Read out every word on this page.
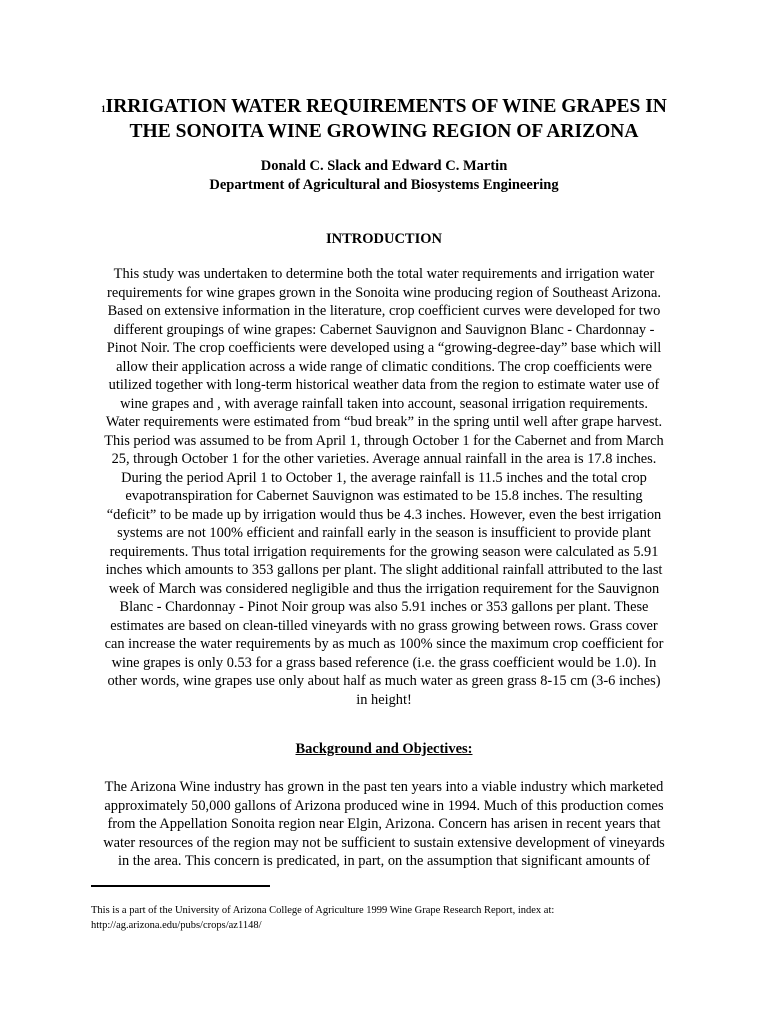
$^1$IRRIGATION WATER REQUIREMENTS OF WINE GRAPES IN
THE SONOITA WINE GROWING REGION OF ARIZONA
Donald C. Slack and Edward C. Martin
Department of Agricultural and Biosystems Engineering
INTRODUCTION

This study was undertaken to determine both the total water requirements and irrigation water
requirements for wine grapes grown in the Sonoita wine producing region of Southeast Arizona.
Based on extensive information in the literature, crop coefficient curves were developed for two
different groupings of wine grapes: Cabernet Sauvignon and Sauvignon Blanc - Chardonnay -
Pinot Noir. The crop coefficients were developed using a “growing-degree-day” base which will
allow their application across a wide range of climatic conditions. The crop coefficients were
utilized together with long-term historical weather data from the region to estimate water use of
wine grapes and , with average rainfall taken into account, seasonal irrigation requirements.
Water requirements were estimated from “bud break” in the spring until well after grape harvest.
This period was assumed to be from April 1, through October 1 for the Cabernet and from March
25, through October 1 for the other varieties. Average annual rainfall in the area is 17.8 inches.
During the period April 1 to October 1, the average rainfall is 11.5 inches and the total crop
evapotranspiration for Cabernet Sauvignon was estimated to be 15.8 inches. The resulting
“deficit” to be made up by irrigation would thus be 4.3 inches. However, even the best irrigation
systems are not 100% efficient and rainfall early in the season is insufficient to provide plant
requirements. Thus total irrigation requirements for the growing season were calculated as 5.91
inches which amounts to 353 gallons per plant. The slight additional rainfall attributed to the last
week of March was considered negligible and thus the irrigation requirement for the Sauvignon
Blanc - Chardonnay - Pinot Noir group was also 5.91 inches or 353 gallons per plant. These
estimates are based on clean-tilled vineyards with no grass growing between rows. Grass cover
can increase the water requirements by as much as 100% since the maximum crop coefficient for
wine grapes is only 0.53 for a grass based reference (i.e. the grass coefficient would be 1.0). In
other words, wine grapes use only about half as much water as green grass 8-15 cm (3-6 inches)
in height!

Background and Objectives:

The Arizona Wine industry has grown in the past ten years into a viable industry which marketed
approximately 50,000 gallons of Arizona produced wine in 1994. Much of this production comes
from the Appellation Sonoita region near Elgin, Arizona. Concern has arisen in recent years that
water resources of the region may not be sufficient to sustain extensive development of vineyards
in the area. This concern is predicated, in part, on the assumption that significant amounts of

This is a part of the University of Arizona College of Agriculture 1999 Wine Grape Research Report, index at:
http://ag.arizona.edu/pubs/crops/az1148/
